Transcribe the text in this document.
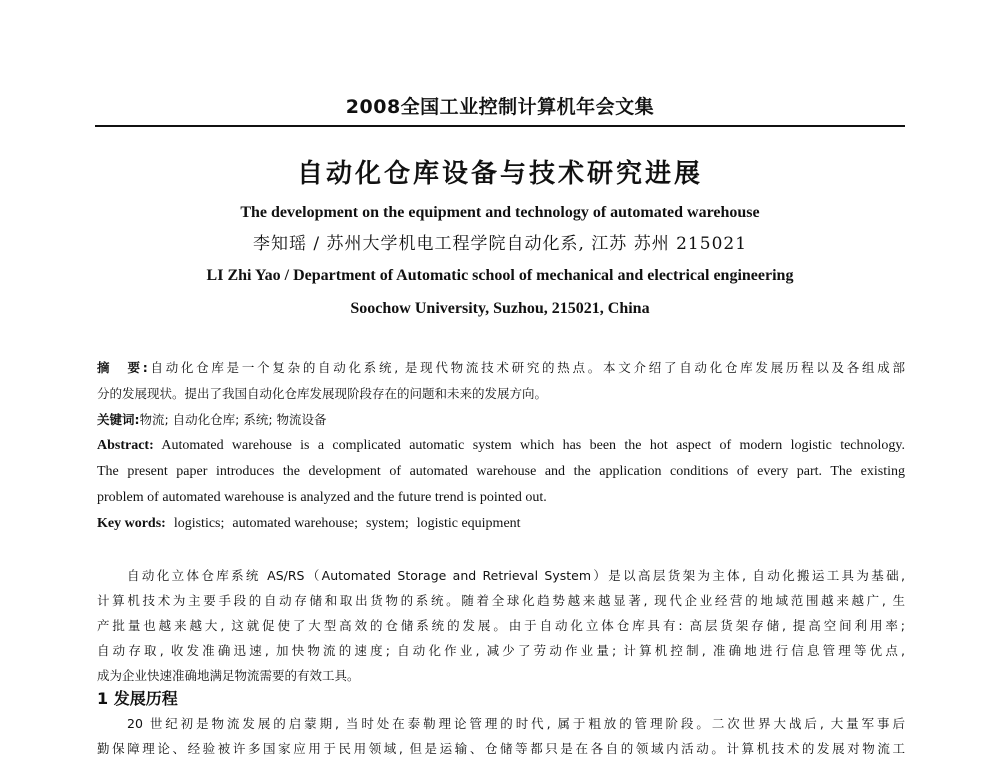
2008全国工业控制计算机年会文集
自动化仓库设备与技术研究进展
The development on the equipment and technology of automated warehouse
李知瑶 / 苏州大学机电工程学院自动化系, 江苏 苏州 215021
LI Zhi Yao / Department of Automatic school of mechanical and electrical engineering
Soochow University, Suzhou, 215021, China
摘　要:自动化仓库是一个复杂的自动化系统, 是现代物流技术研究的热点。本文介绍了自动化仓库发展历程以及各组成部
分的发展现状。提出了我国自动化仓库发展现阶段存在的问题和未来的发展方向。
关键词:物流; 自动化仓库; 系统; 物流设备
Abstract: Automated warehouse is a complicated automatic system which has been the hot aspect of modern logistic technology.
The present paper introduces the development of automated warehouse and the application conditions of every part. The existing
problem of automated warehouse is analyzed and the future trend is pointed out.
Key words: logistics; automated warehouse; system; logistic equipment
自动化立体仓库系统 AS/RS（Automated Storage and Retrieval System）是以高层货架为主体, 自动化搬运工具为基础,
计算机技术为主要手段的自动存储和取出货物的系统。随着全球化趋势越来越显著, 现代企业经营的地域范围越来越广, 生
产批量也越来越大, 这就促使了大型高效的仓储系统的发展。由于自动化立体仓库具有: 高层货架存储, 提高空间利用率;
自动存取, 收发准确迅速, 加快物流的速度; 自动化作业, 减少了劳动作业量; 计算机控制, 准确地进行信息管理等优点,
成为企业快速准确地满足物流需要的有效工具。
1 发展历程
20 世纪初是物流发展的启蒙期, 当时处在泰勒理论管理的时代, 属于粗放的管理阶段。二次世界大战后, 大量军事后
勤保障理论、经验被许多国家应用于民用领域, 但是运输、仓储等都只是在各自的领域内活动。计算机技术的发展对物流工
